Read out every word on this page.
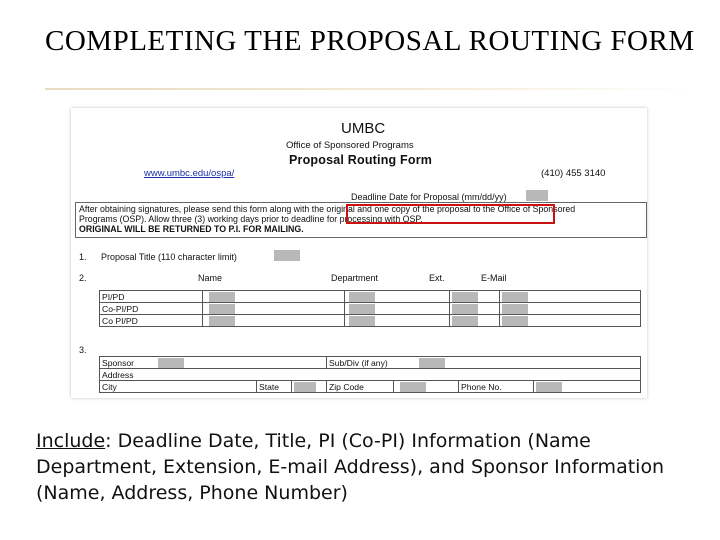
COMPLETING THE PROPOSAL ROUTING FORM
UMBC
Office of Sponsored Programs
Proposal Routing Form
www.umbc.edu/ospa/	(410) 455 3140
Deadline Date for Proposal (mm/dd/yy)
After obtaining signatures, please send this form along with the original and one copy of the proposal to the Office of Sponsored
Programs (OSP). Allow three (3) working days prior to deadline for processing with OSP.
ORIGINAL WILL BE RETURNED TO P.I. FOR MAILING.
1. Proposal Title (110 character limit)
2.	Name	Department	Ext.	E-Mail
PI/PD	

Co-PI/PD	

Co PI/PD	

3.
Sponsor			Sub/Div (if any)			

Address						
City	State		Zip Code		Phone No.	
Include: Deadline Date, Title, PI (Co-PI) Information (Name Department, Extension, E-mail Address), and Sponsor Information (Name, Address, Phone Number)
